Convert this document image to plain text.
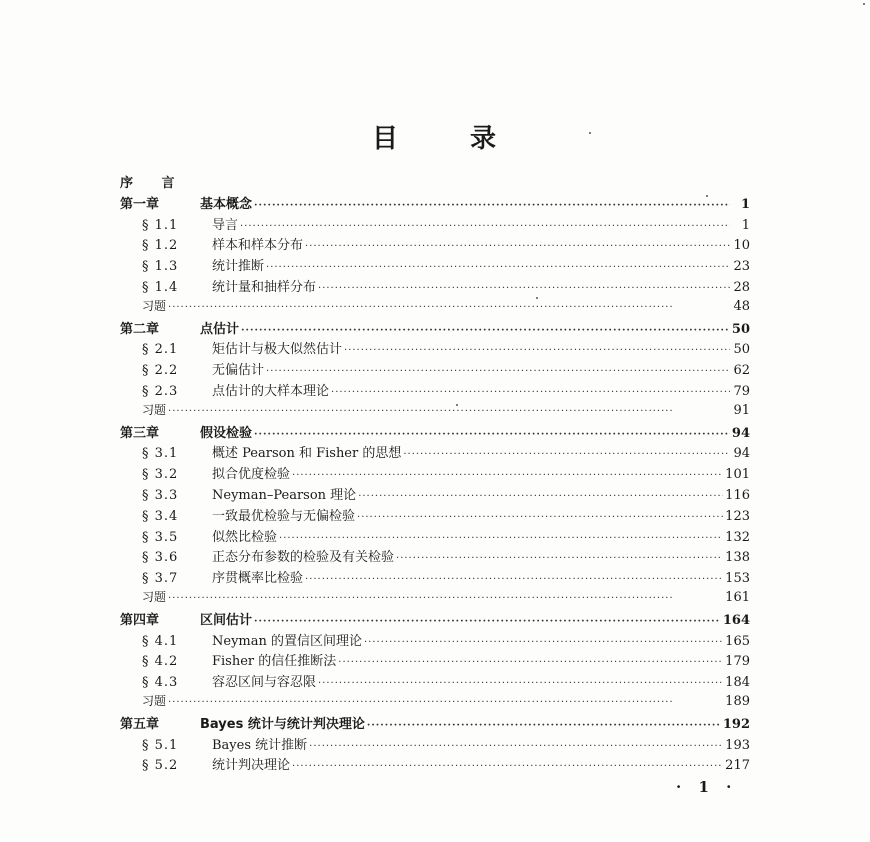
目	录
序 言
第一章	基本概念 ·····	1
§ 1.1	导言 ·····	1
§ 1.2	样本和样本分布 ·····	10
§ 1.3	统计推断 ·····	23
§ 1.4	统计量和抽样分布 ·····	28
习题 ·····	48
第二章	点估计 ·····	50
§ 2.1	矩估计与极大似然估计 ·····	50
§ 2.2	无偏估计 ·····	62
§ 2.3	点估计的大样本理论 ·····	79
习题 ·····	91
第三章	假设检验 ·····	94
§ 3.1	概述 Pearson 和 Fisher 的思想 ·····	94
§ 3.2	拟合优度检验 ·····	101
§ 3.3	Neyman–Pearson 理论 ·····	116
§ 3.4	一致最优检验与无偏检验 ·····	123
§ 3.5	似然比检验 ·····	132
§ 3.6	正态分布参数的检验及有关检验 ·····	138
§ 3.7	序贯概率比检验 ·····	153
习题 ·····	161
第四章	区间估计 ·····	164
§ 4.1	Neyman 的置信区间理论 ·····	165
§ 4.2	Fisher 的信任推断法 ·····	179
§ 4.3	容忍区间与容忍限 ·····	184
习题 ·····	189
第五章	Bayes 统计与统计判决理论 ·····	192
§ 5.1	Bayes 统计推断 ·····	193
§ 5.2	统计判决理论 ·····	217
· 1 ·
